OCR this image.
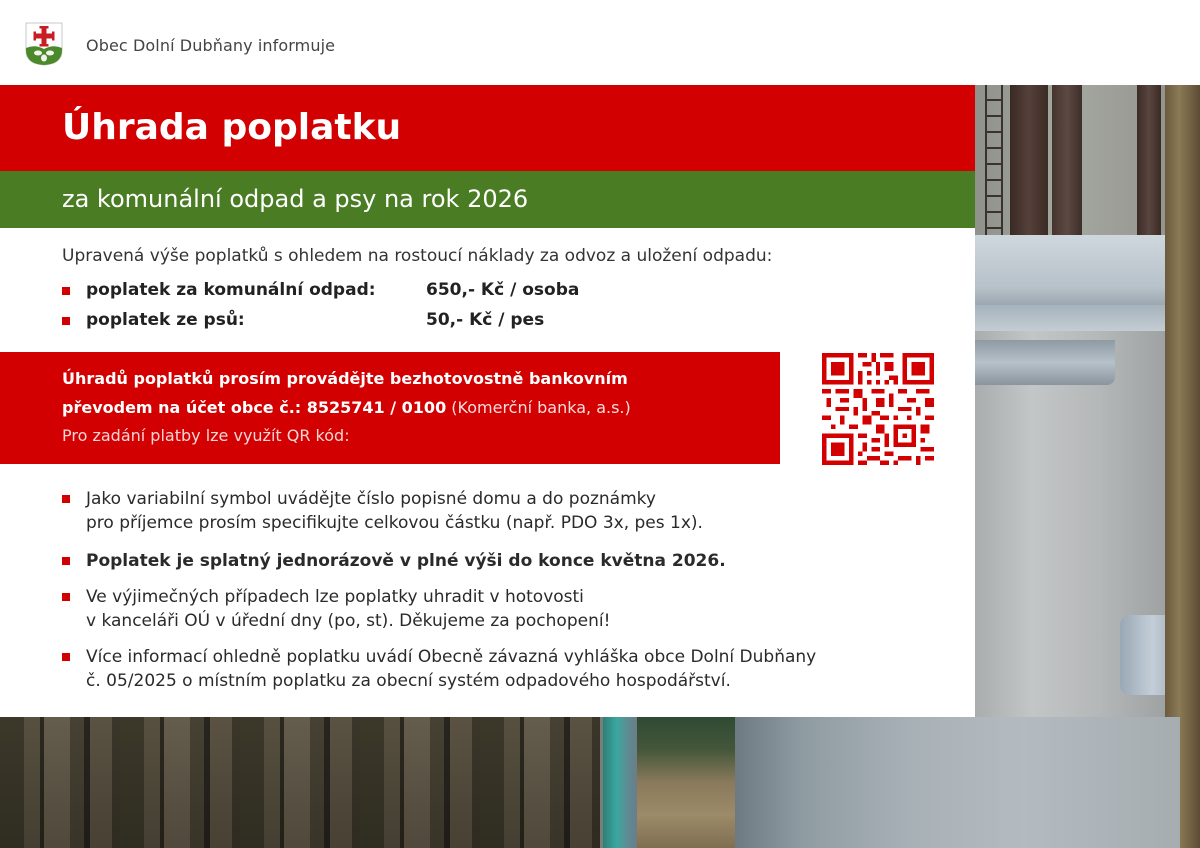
Obec Dolní Dubňany informuje
Úhrada poplatku
za komunální odpad a psy na rok 2026
Upravená výše poplatků s ohledem na rostoucí náklady za odvoz a uložení odpadu:
poplatek za komunální odpad:	650,- Kč / osoba
poplatek ze psů:	50,- Kč / pes
Úhradů poplatků prosím provádějte bezhotovostně bankovním
převodem na účet obce č.: 8525741 / 0100 (Komerční banka, a.s.)
Pro zadání platby lze využít QR kód:
Jako variabilní symbol uvádějte číslo popisné domu a do poznámky
pro příjemce prosím specifikujte celkovou částku (např. PDO 3x, pes 1x).
Poplatek je splatný jednorázově v plné výši do konce května 2026.
Ve výjimečných případech lze poplatky uhradit v hotovosti
v kanceláři OÚ v úřední dny (po, st). Děkujeme za pochopení!
Více informací ohledně poplatku uvádí Obecně závazná vyhláška obce Dolní Dubňany
č. 05/2025 o místním poplatku za obecní systém odpadového hospodářství.
